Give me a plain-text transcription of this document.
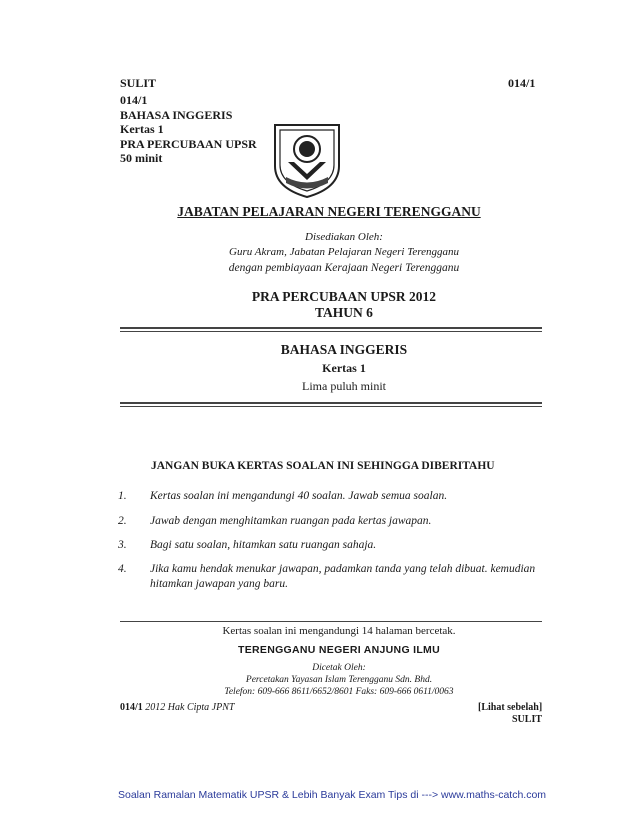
SULIT	014/1
014/1
BAHASA INGGERIS
Kertas 1
PRA PERCUBAAN UPSR
50 minit
JABATAN PELAJARAN NEGERI TERENGGANU
Disediakan Oleh:
Guru Akram, Jabatan Pelajaran Negeri Terengganu
dengan pembiayaan Kerajaan Negeri Terengganu
PRA PERCUBAAN UPSR 2012
TAHUN 6
BAHASA INGGERIS
Kertas 1
Lima puluh minit
JANGAN BUKA KERTAS SOALAN INI SEHINGGA DIBERITAHU
1. Kertas soalan ini mengandungi 40 soalan. Jawab semua soalan.
2. Jawab dengan menghitamkan ruangan pada kertas jawapan.
3. Bagi satu soalan, hitamkan satu ruangan sahaja.
4. Jika kamu hendak menukar jawapan, padamkan tanda yang telah dibuat. kemudian hitamkan jawapan yang baru.
Kertas soalan ini mengandungi 14 halaman bercetak.
TERENGGANU NEGERI ANJUNG ILMU
Dicetak Oleh:
Percetakan Yayasan Islam Terengganu Sdn. Bhd.
Telefon: 609-666 8611/6652/8601 Faks: 609-666 0611/0063
014/1 2012 Hak Cipta JPNT	[Lihat sebelah]
SULIT
Soalan Ramalan Matematik UPSR & Lebih Banyak Exam Tips di ---> www.maths-catch.com
